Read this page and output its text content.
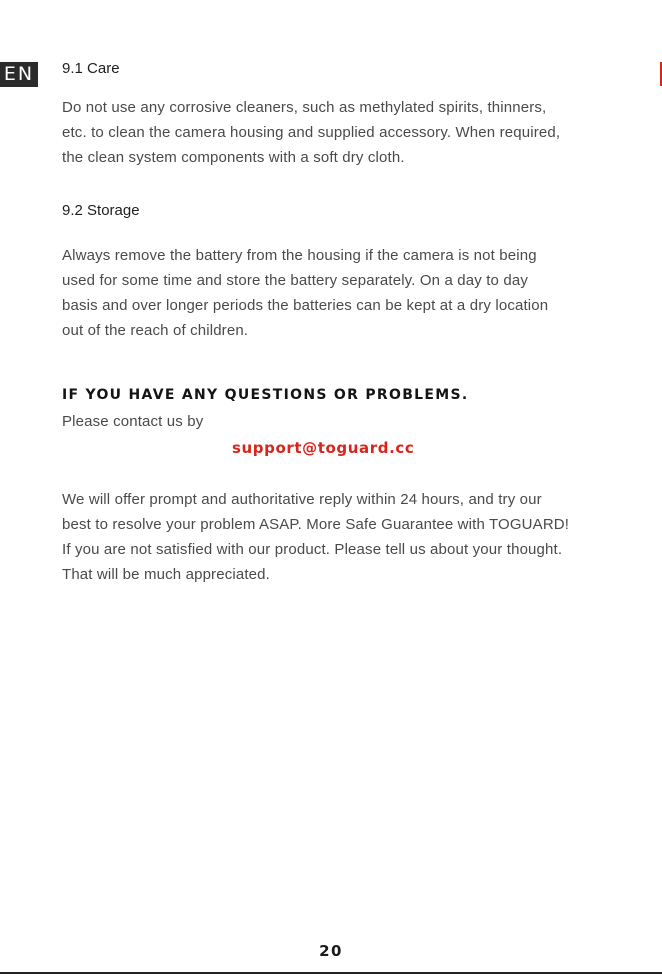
EN 9.1 Care

Do not use any corrosive cleaners, such as methylated spirits, thinners,
etc. to clean the camera housing and supplied accessory. When required,
the clean system components with a soft dry cloth.

9.2 Storage

Always remove the battery from the housing if the camera is not being
used for some time and store the battery separately. On a day to day
basis and over longer periods the batteries can be kept at a dry location
out of the reach of children.

IF YOU HAVE ANY QUESTIONS OR PROBLEMS.
Please contact us by
support@toguard.cc

We will offer prompt and authoritative reply within 24 hours, and try our
best to resolve your problem ASAP. More Safe Guarantee with TOGUARD!
If you are not satisfied with our product. Please tell us about your thought.
That will be much appreciated.

20
